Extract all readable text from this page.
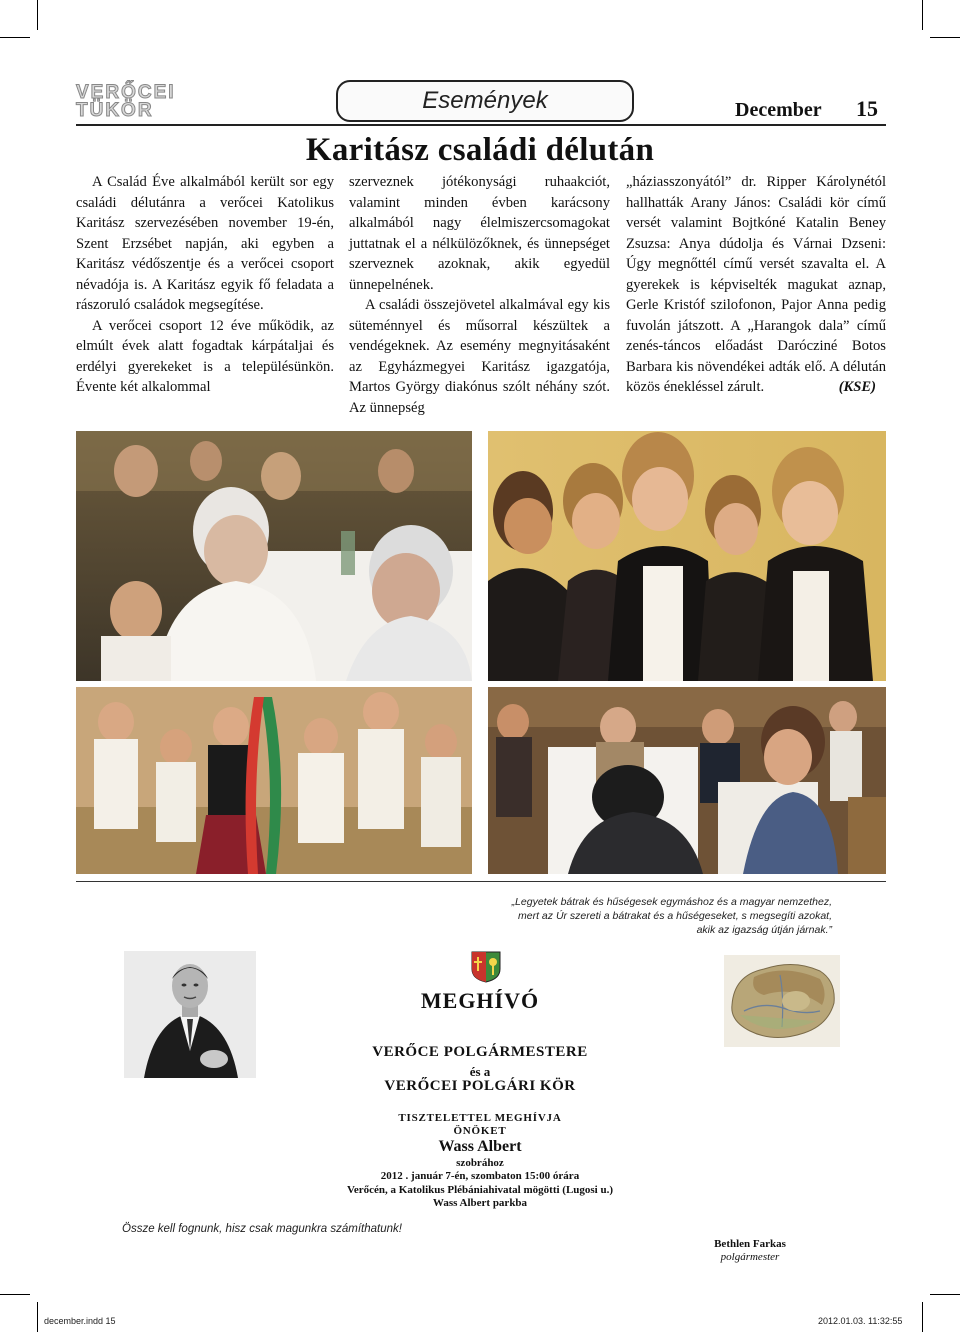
VERŐCEI
TÜKÖR	Események	December 15
Karitász családi délután

A Család Éve alkalmából került sor egy családi délutánra a verőcei Katolikus Karitász szervezésében november 19-én, Szent Erzsébet napján, aki egyben a Karitász védőszentje és a verőcei csoport névadója is. A Karitász egyik fő feladata a rászoruló családok megsegítése.

A verőcei csoport 12 éve működik, az elmúlt évek alatt fogadtak kárpátaljai és erdélyi gyerekeket is a településünkön. Évente két alkalommal

szerveznek jótékonysági ruhaakciót, valamint minden évben karácsony alkalmából nagy élelmiszercsomagokat juttatnak el a nélkülözőknek, és ünnepséget szerveznek azoknak, akik egyedül ünnepelnének.

A családi összejövetel alkalmával egy kis süteménnyel és műsorral készültek a vendégeknek. Az esemény megnyitásaként az Egyházmegyei Karitász igazgatója, Martos György diakónus szólt néhány szót. Az ünnepség

„háziasszonyától” dr. Ripper Károlynétól hallhatták Arany János: Családi kör című versét valamint Bojtkóné Katalin Beney Zsuzsa: Anya dúdolja és Várnai Dzseni: Úgy megnőttél című versét szavalta el. A gyerekek is képviselték magukat aznap, Gerle Kristóf szilofonon, Pajor Anna pedig fuvolán játszott. A „Harangok dala” című zenés-táncos előadást Darócziné Botos Barbara kis növendékei adták elő. A délután közös énekléssel zárult.	(KSE)

„Legyetek bátrak és hűségesek egymáshoz és a magyar nemzethez,
mert az Úr szereti a bátrakat és a hűségeseket, s megsegíti azokat,
akik az igazság útján járnak.”
MEGHÍVÓ
VERŐCE POLGÁRMESTERE
és a
VERŐCEI POLGÁRI KÖR
TISZTELETTEL MEGHÍVJA
ÖNÖKET
Wass Albert
szobrához
2012 . január 7-én, szombaton 15:00 órára
Verőcén, a Katolikus Plébániahivatal mögötti (Lugosi u.)
Wass Albert parkba
Össze kell fognunk, hisz csak magunkra számíthatunk!
Bethlen Farkas
polgármester
december.indd 15	2012.01.03. 11:32:55
